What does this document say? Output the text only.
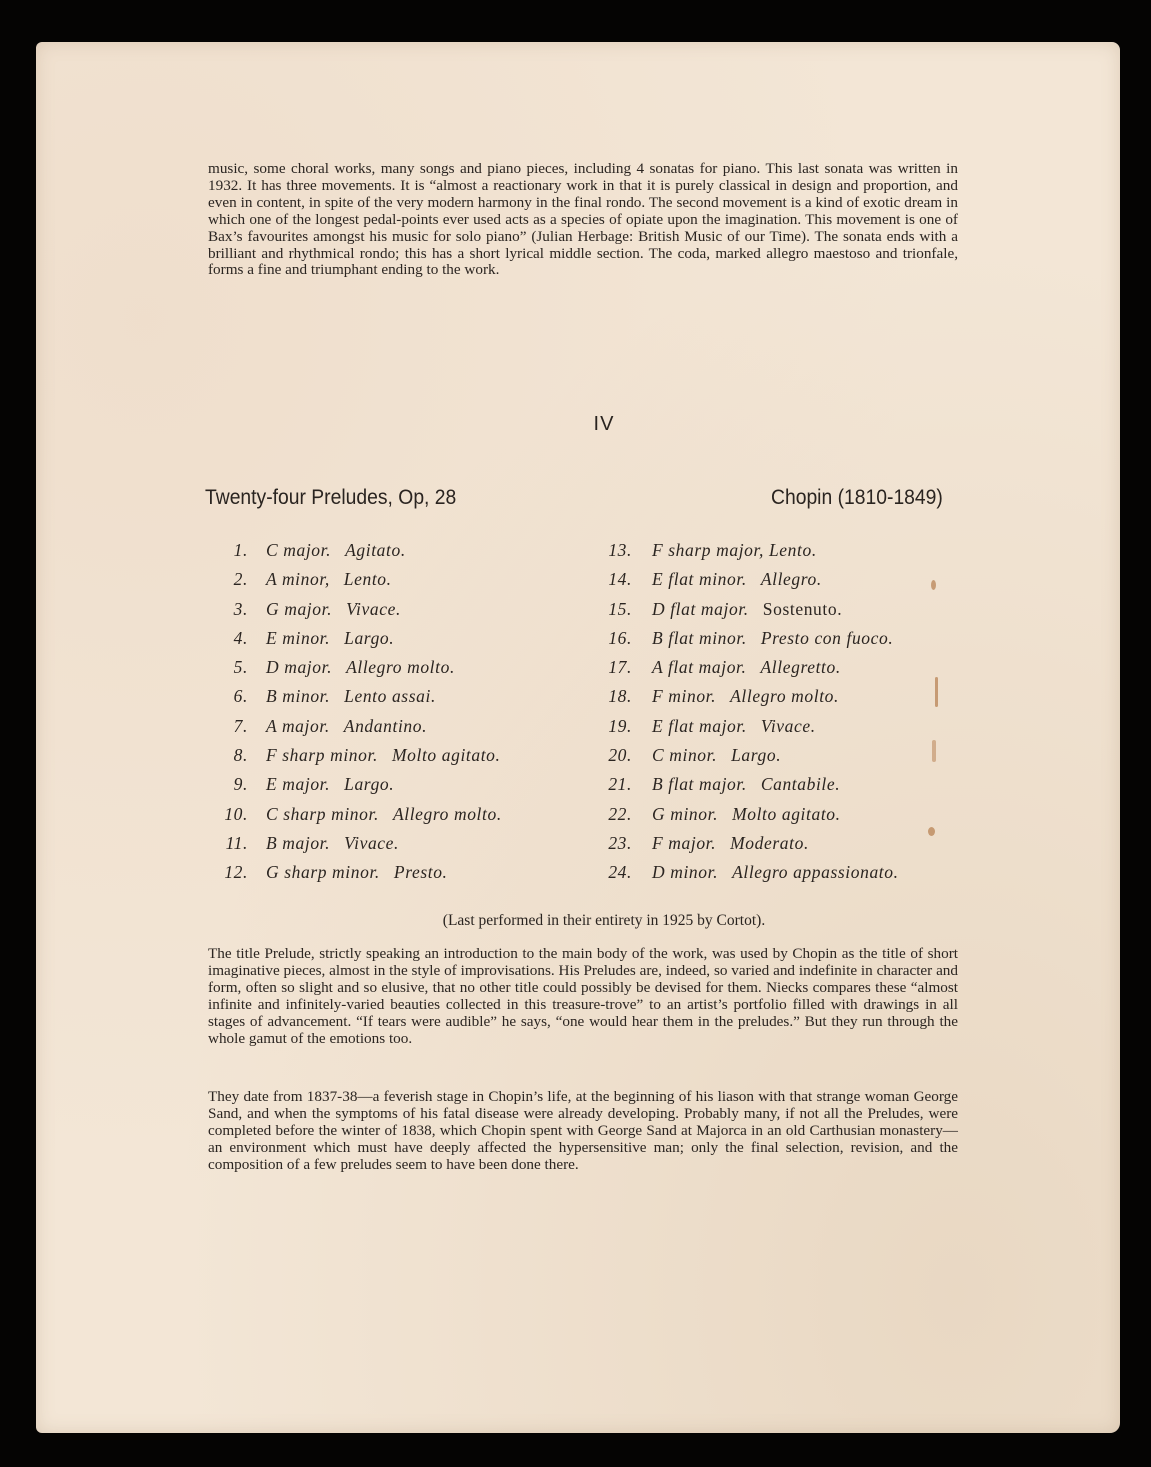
music, some choral works, many songs and piano pieces, including 4 sonatas for piano. This last sonata was written in 1932. It has three movements. It is “almost a reactionary work in that it is purely classical in design and proportion, and even in content, in spite of the very modern harmony in the final rondo. The second movement is a kind of exotic dream in which one of the longest pedal-points ever used acts as a species of opiate upon the imagination. This movement is one of Bax’s favourites amongst his music for solo piano” (Julian Herbage: British Music of our Time). The sonata ends with a brilliant and rhythmical rondo; this has a short lyrical middle section. The coda, marked allegro maestoso and trionfale, forms a fine and triumphant ending to the work.

IV
Twenty-four Preludes, Op, 28	Chopin (1810-1849)
1. C major. Agitato.
2. A minor, Lento.
3. G major. Vivace.
4. E minor. Largo.
5. D major. Allegro molto.
6. B minor. Lento assai.
7. A major. Andantino.
8. F sharp minor. Molto agitato.
9. E major. Largo.
10. C sharp minor. Allegro molto.
11. B major. Vivace.
12. G sharp minor. Presto.
13. F sharp major, Lento.
14. E flat minor. Allegro.
15. D flat major. Sostenuto.
16. B flat minor. Presto con fuoco.
17. A flat major. Allegretto.
18. F minor. Allegro molto.
19. E flat major. Vivace.
20. C minor. Largo.
21. B flat major. Cantabile.
22. G minor. Molto agitato.
23. F major. Moderato.
24. D minor. Allegro appassionato.
(Last performed in their entirety in 1925 by Cortot).

The title Prelude, strictly speaking an introduction to the main body of the work, was used by Chopin as the title of short imaginative pieces, almost in the style of improvisations. His Preludes are, indeed, so varied and indefinite in character and form, often so slight and so elusive, that no other title could possibly be devised for them. Niecks compares these “almost infinite and infinitely-varied beauties collected in this treasure-trove” to an artist’s portfolio filled with drawings in all stages of advancement. “If tears were audible” he says, “one would hear them in the preludes.” But they run through the whole gamut of the emotions too.

They date from 1837-38—a feverish stage in Chopin’s life, at the beginning of his liason with that strange woman George Sand, and when the symptoms of his fatal disease were already developing. Probably many, if not all the Preludes, were completed before the winter of 1838, which Chopin spent with George Sand at Majorca in an old Carthusian monastery—an environment which must have deeply affected the hypersensitive man; only the final selection, revision, and the composition of a few preludes seem to have been done there.
